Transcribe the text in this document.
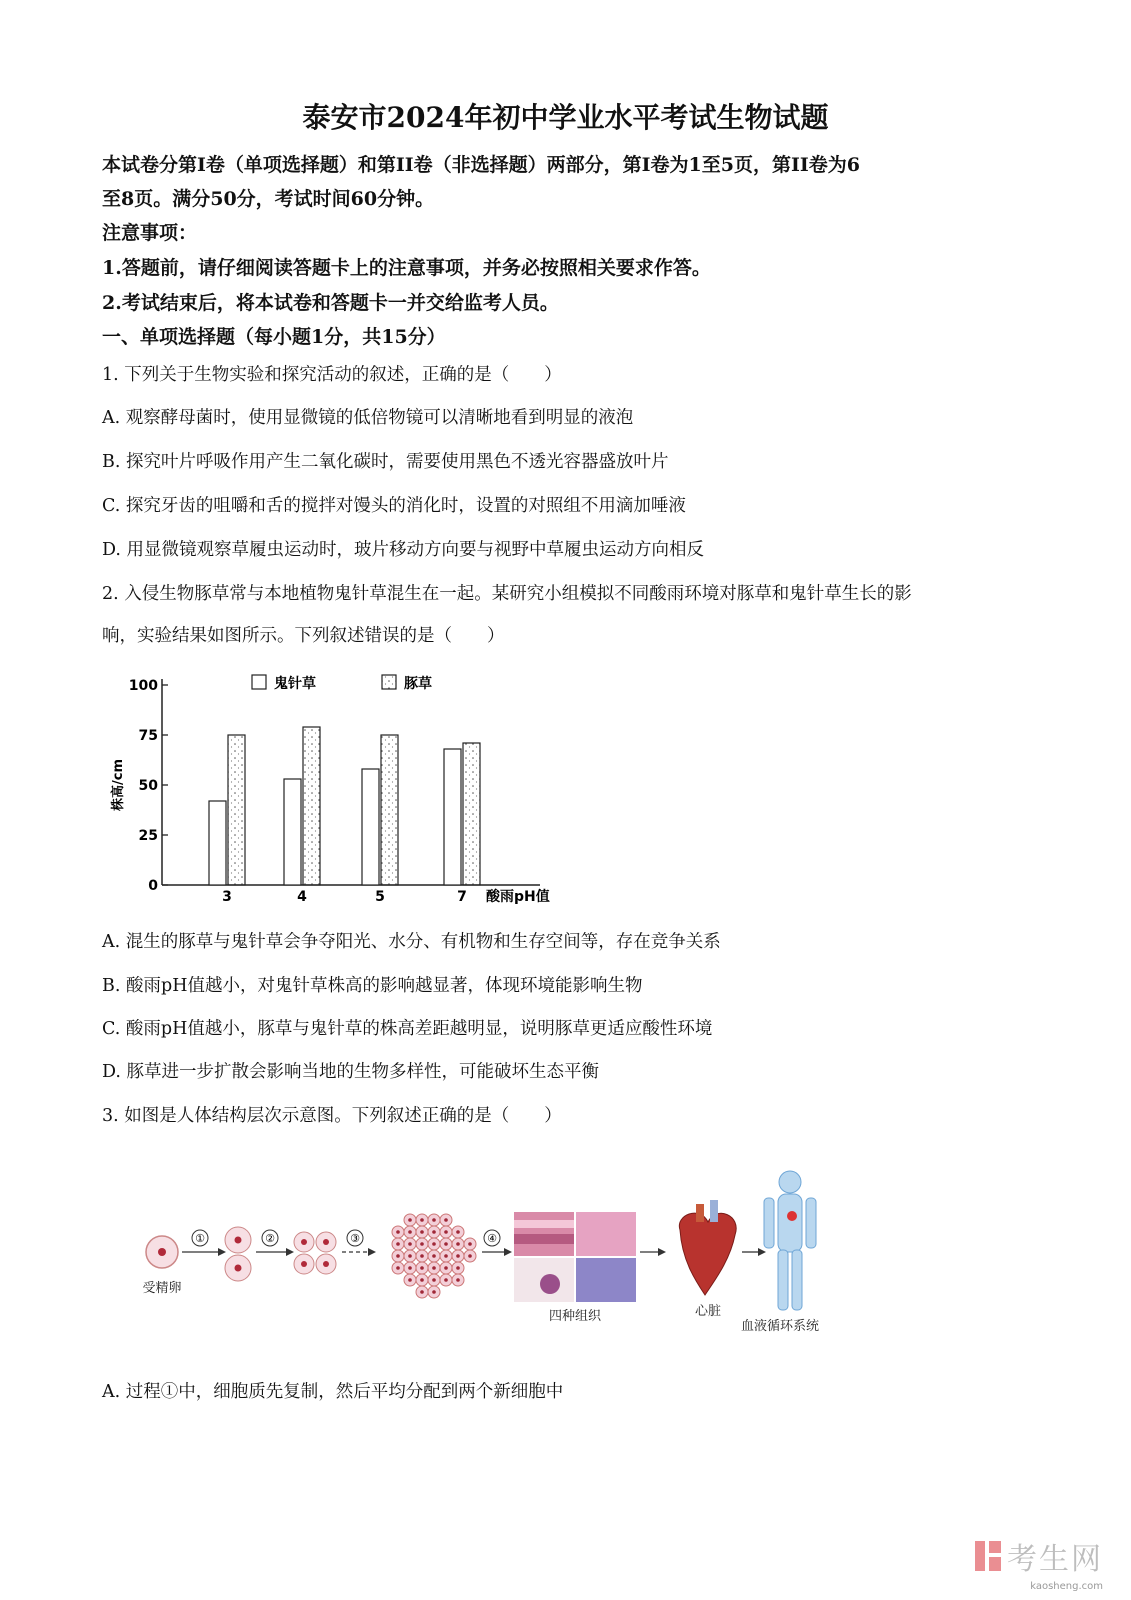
泰安市2024年初中学业水平考试生物试题
本试卷分第I卷（单项选择题）和第II卷（非选择题）两部分，第I卷为1至5页，第II卷为6
至8页。满分50分，考试时间60分钟。
注意事项：
1.答题前，请仔细阅读答题卡上的注意事项，并务必按照相关要求作答。
2.考试结束后，将本试卷和答题卡一并交给监考人员。
一、单项选择题（每小题1分，共15分）
1. 下列关于生物实验和探究活动的叙述，正确的是（　　）
A. 观察酵母菌时，使用显微镜的低倍物镜可以清晰地看到明显的液泡
B. 探究叶片呼吸作用产生二氧化碳时，需要使用黑色不透光容器盛放叶片
C. 探究牙齿的咀嚼和舌的搅拌对馒头的消化时，设置的对照组不用滴加唾液
D. 用显微镜观察草履虫运动时，玻片移动方向要与视野中草履虫运动方向相反
2. 入侵生物豚草常与本地植物鬼针草混生在一起。某研究小组模拟不同酸雨环境对豚草和鬼针草生长的影
响，实验结果如图所示。下列叙述错误的是（　　）
0
25
50
75
100
株高/cm
酸雨pH值
3	4	5	7
鬼针草	豚草
A. 混生的豚草与鬼针草会争夺阳光、水分、有机物和生存空间等，存在竞争关系
B. 酸雨pH值越小，对鬼针草株高的影响越显著，体现环境能影响生物
C. 酸雨pH值越小，豚草与鬼针草的株高差距越明显，说明豚草更适应酸性环境
D. 豚草进一步扩散会影响当地的生物多样性，可能破坏生态平衡
3. 如图是人体结构层次示意图。下列叙述正确的是（　　）
受精卵
①	②	③	④
四种组织	心脏
血液循环系统
A. 过程①中，细胞质先复制，然后平均分配到两个新细胞中
考生网
kaosheng.com
